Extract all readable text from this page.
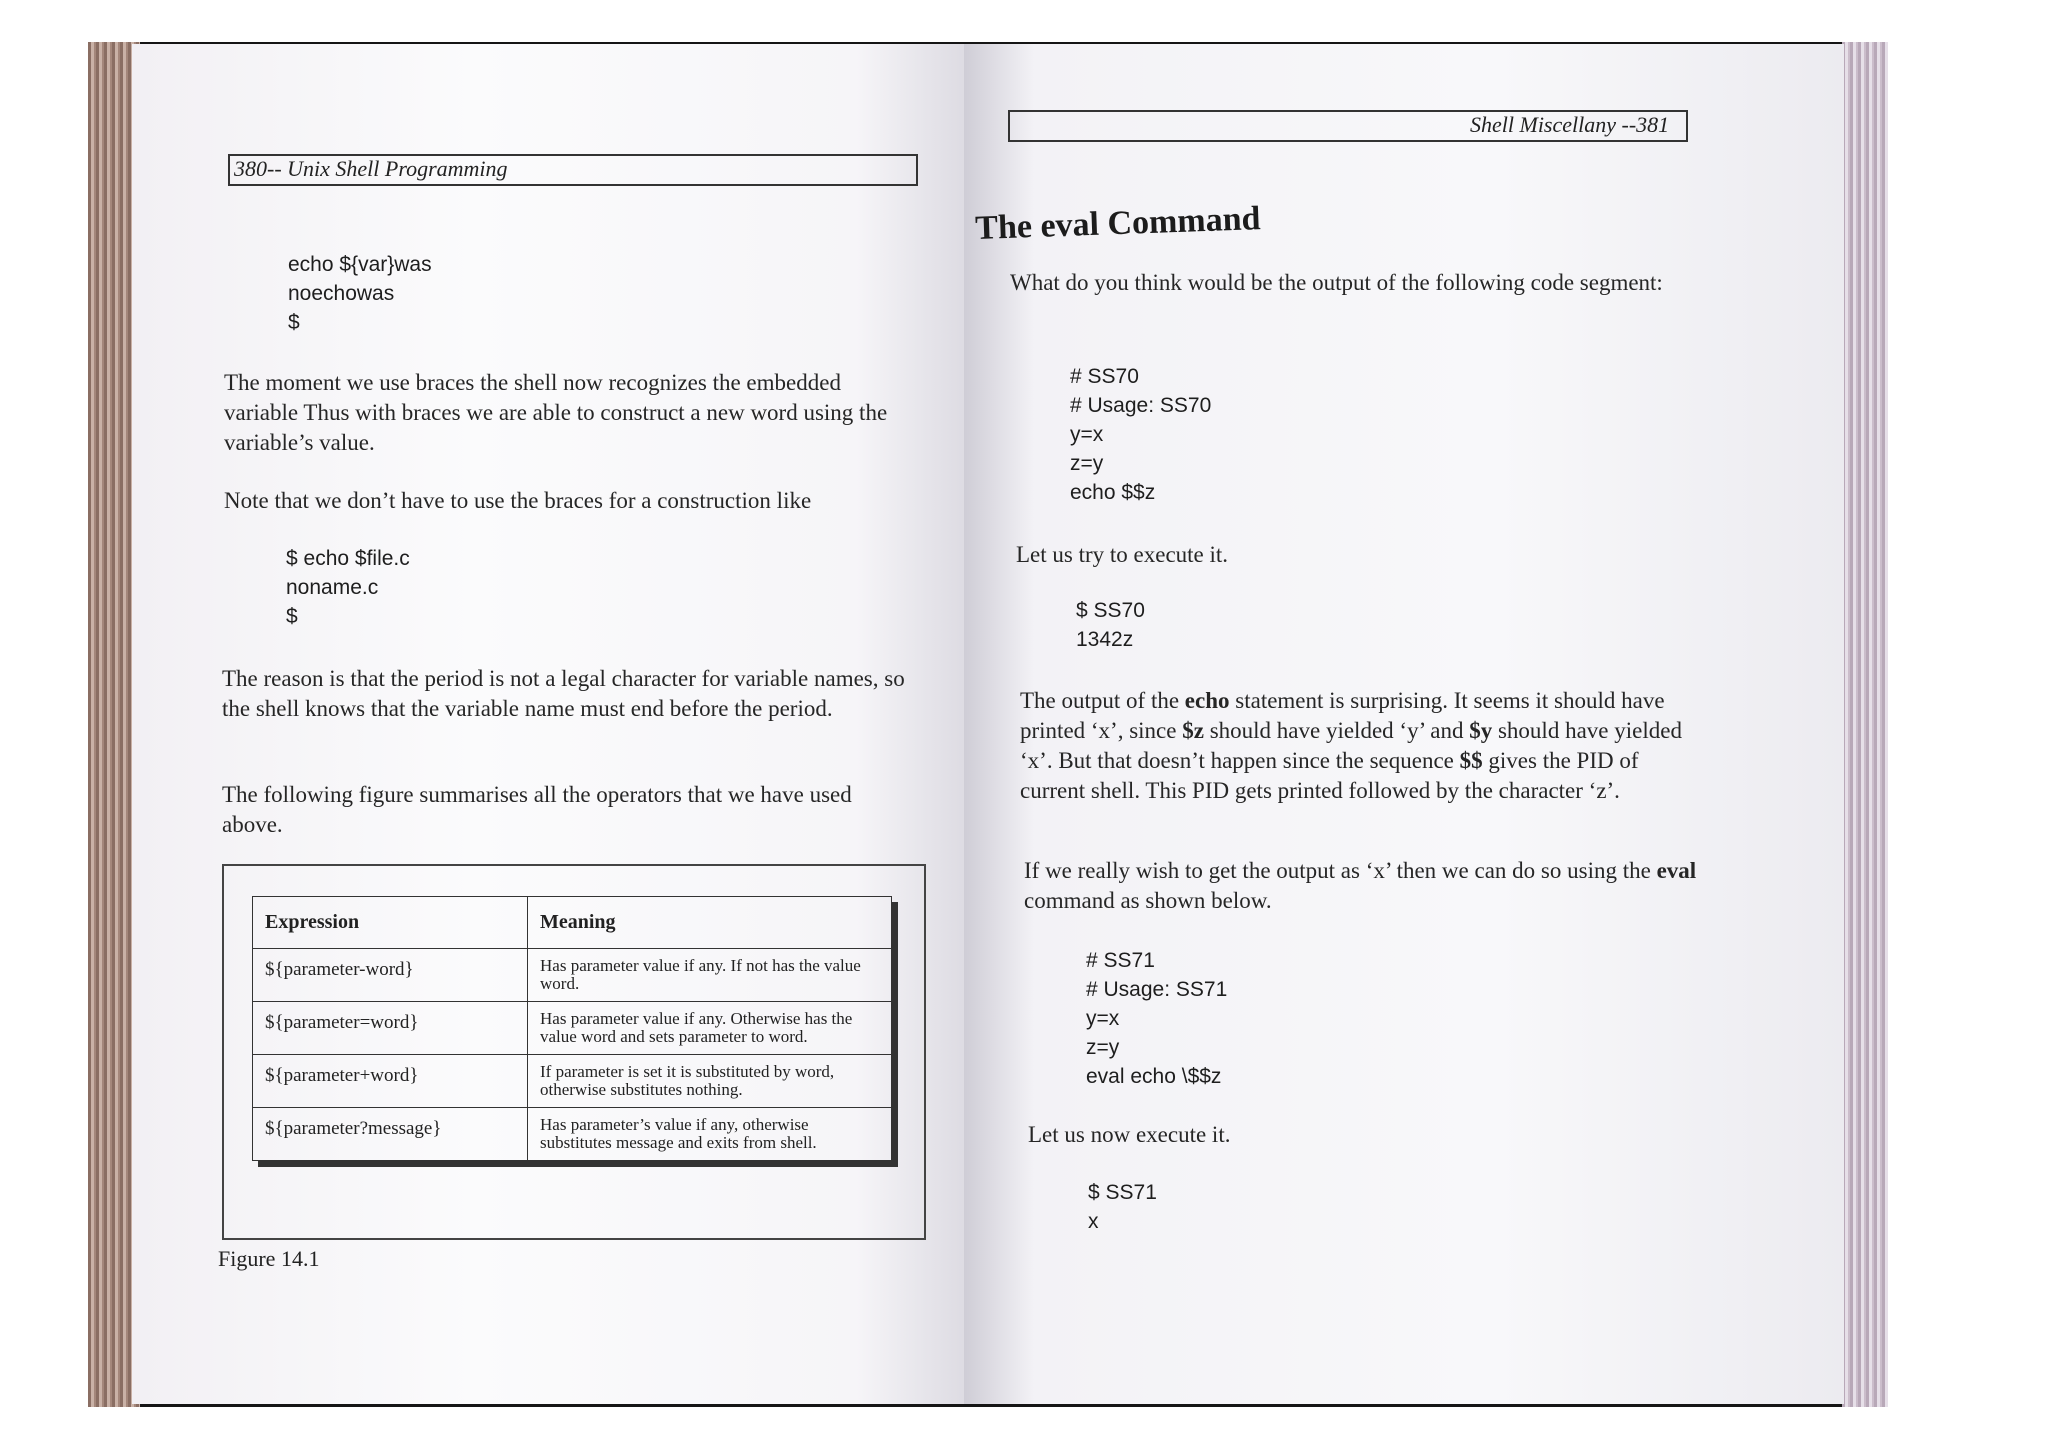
380-- Unix Shell Programming
echo ${var}was
noechowas
$
The moment we use braces the shell now recognizes the embedded variable Thus with braces we are able to construct a new word using the variable’s value.
Note that we don’t have to use the braces for a construction like
$ echo $file.c
noname.c
$
The reason is that the period is not a legal character for variable names, so the shell knows that the variable name must end before the period.
The following figure summarises all the operators that we have used above.
Expression	Meaning
${parameter-word}	Has parameter value if any. If not has the value word.
${parameter=word}	Has parameter value if any. Otherwise has the value word and sets parameter to word.
${parameter+word}	If parameter is set it is substituted by word, otherwise substitutes nothing.
${parameter?message}	Has parameter’s value if any, otherwise substitutes message and exits from shell.
Figure 14.1
Shell Miscellany --381
The eval Command
What do you think would be the output of the following code segment:
# SS70
# Usage: SS70
y=x
z=y
echo $$z
Let us try to execute it.
$ SS70
1342z
The output of the echo statement is surprising. It seems it should have printed ‘x’, since $z should have yielded ‘y’ and $y should have yielded ‘x’. But that doesn’t happen since the sequence $$ gives the PID of current shell. This PID gets printed followed by the character ‘z’.
If we really wish to get the output as ‘x’ then we can do so using the eval command as shown below.
# SS71
# Usage: SS71
y=x
z=y
eval echo \$$z
Let us now execute it.
$ SS71
x
